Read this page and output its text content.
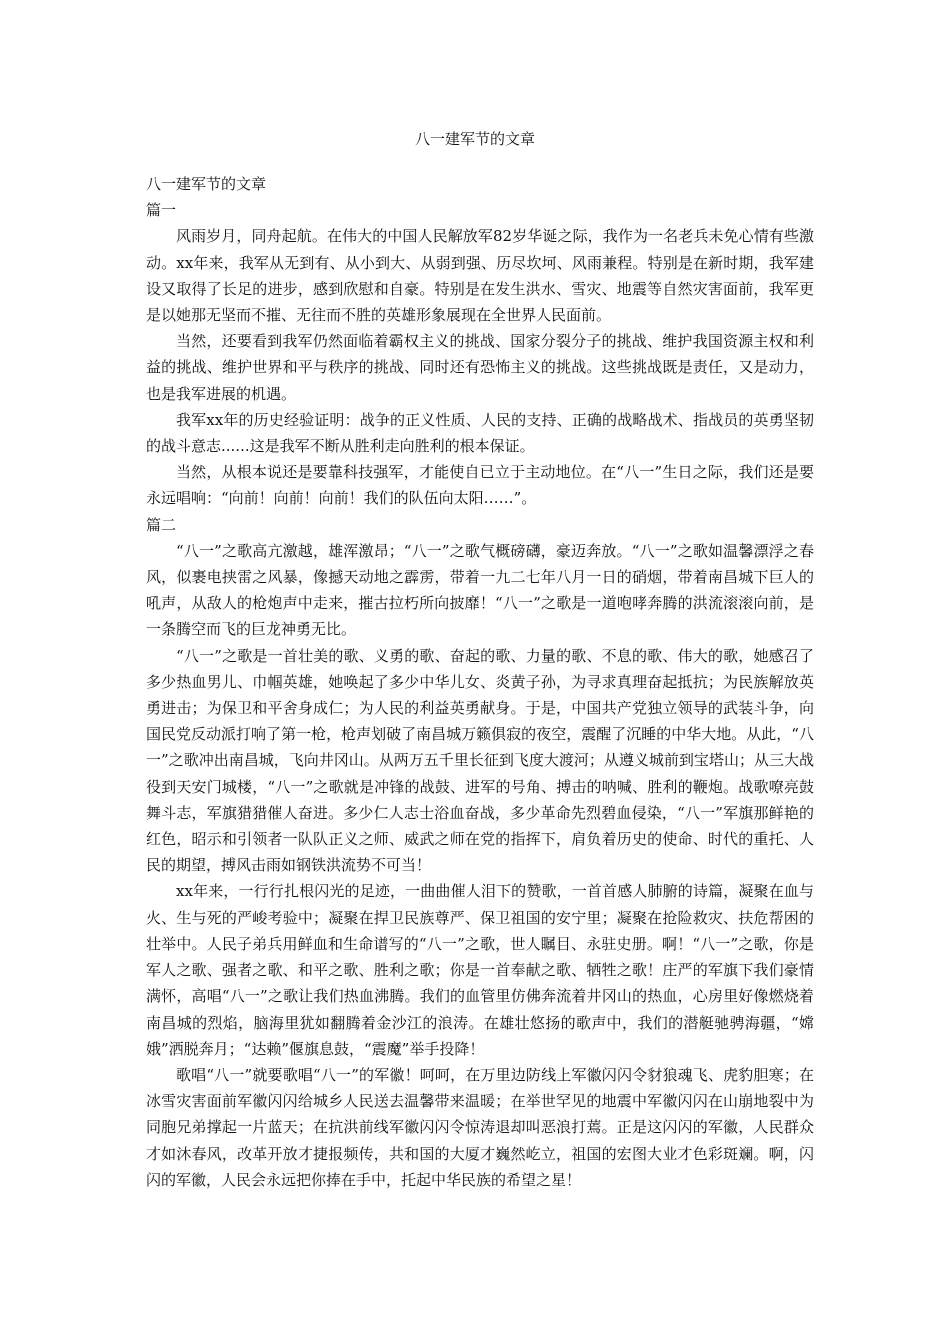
八一建军节的文章

八一建军节的文章

篇一

风雨岁月，同舟起航。在伟大的中国人民解放军82岁华诞之际，我作为一名老兵未免心情有些激动。xx年来，我军从无到有、从小到大、从弱到强、历尽坎坷、风雨兼程。特别是在新时期，我军建设又取得了长足的进步，感到欣慰和自豪。特别是在发生洪水、雪灾、地震等自然灾害面前，我军更是以她那无坚而不摧、无往而不胜的英雄形象展现在全世界人民面前。

当然，还要看到我军仍然面临着霸权主义的挑战、国家分裂分子的挑战、维护我国资源主权和利益的挑战、维护世界和平与秩序的挑战、同时还有恐怖主义的挑战。这些挑战既是责任，又是动力，也是我军进展的机遇。

我军xx年的历史经验证明：战争的正义性质、人民的支持、正确的战略战术、指战员的英勇坚韧的战斗意志......这是我军不断从胜利走向胜利的根本保证。

当然，从根本说还是要靠科技强军，才能使自已立于主动地位。在“八一”生日之际，我们还是要永远唱响：“向前！向前！向前！我们的队伍向太阳……”。

篇二

“八一”之歌高亢激越，雄浑激昂；“八一”之歌气概磅礴，豪迈奔放。“八一”之歌如温馨漂浮之春风，似裹电挟雷之风暴，像撼天动地之霹雳，带着一九二七年八月一日的硝烟，带着南昌城下巨人的吼声，从敌人的枪炮声中走来，摧古拉朽所向披靡！“八一”之歌是一道咆哮奔腾的洪流滚滚向前，是一条腾空而飞的巨龙神勇无比。

“八一”之歌是一首壮美的歌、义勇的歌、奋起的歌、力量的歌、不息的歌、伟大的歌，她感召了多少热血男儿、巾帼英雄，她唤起了多少中华儿女、炎黄子孙，为寻求真理奋起抵抗；为民族解放英勇进击；为保卫和平舍身成仁；为人民的利益英勇献身。于是，中国共产党独立领导的武装斗争，向国民党反动派打响了第一枪，枪声划破了南昌城万籁俱寂的夜空，震醒了沉睡的中华大地。从此，“八一”之歌冲出南昌城，飞向井冈山。从两万五千里长征到飞度大渡河；从遵义城前到宝塔山；从三大战役到天安门城楼，“八一”之歌就是冲锋的战鼓、进军的号角、搏击的呐喊、胜利的鞭炮。战歌嘹亮鼓舞斗志，军旗猎猎催人奋进。多少仁人志士浴血奋战，多少革命先烈碧血侵染，“八一”军旗那鲜艳的红色，昭示和引领者一队队正义之师、威武之师在党的指挥下，肩负着历史的使命、时代的重托、人民的期望，搏风击雨如钢铁洪流势不可当！

xx年来，一行行扎根闪光的足迹，一曲曲催人泪下的赞歌，一首首感人肺腑的诗篇，凝聚在血与火、生与死的严峻考验中；凝聚在捍卫民族尊严、保卫祖国的安宁里；凝聚在抢险救灾、扶危帮困的壮举中。人民子弟兵用鲜血和生命谱写的“八一”之歌，世人瞩目、永驻史册。啊！“八一”之歌，你是军人之歌、强者之歌、和平之歌、胜利之歌；你是一首奉献之歌、牺牲之歌！庄严的军旗下我们豪情满怀，高唱“八一”之歌让我们热血沸腾。我们的血管里仿佛奔流着井冈山的热血，心房里好像燃烧着南昌城的烈焰，脑海里犹如翻腾着金沙江的浪涛。在雄壮悠扬的歌声中，我们的潜艇驰骋海疆，“嫦娥”洒脱奔月；“达赖”偃旗息鼓，“震魔”举手投降！

歌唱“八一”就要歌唱“八一”的军徽！呵呵，在万里边防线上军徽闪闪令豺狼魂飞、虎豹胆寒；在冰雪灾害面前军徽闪闪给城乡人民送去温馨带来温暖；在举世罕见的地震中军徽闪闪在山崩地裂中为同胞兄弟撑起一片蓝天；在抗洪前线军徽闪闪令惊涛退却叫恶浪打蔫。正是这闪闪的军徽，人民群众才如沐春风，改革开放才捷报频传，共和国的大厦才巍然屹立，祖国的宏图大业才色彩斑斓。啊，闪闪的军徽，人民会永远把你捧在手中，托起中华民族的希望之星！
